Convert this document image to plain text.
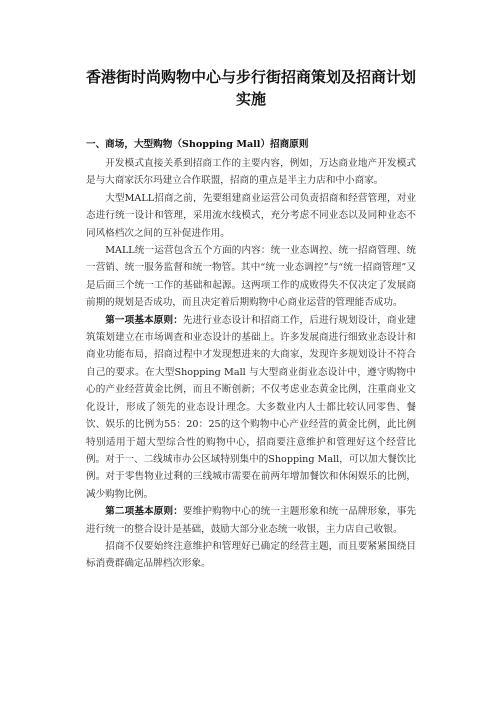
香港街时尚购物中心与步行街招商策划及招商计划实施
一、商场，大型购物（Shopping Mall）招商原则

开发模式直接关系到招商工作的主要内容，例如，万达商业地产开发模式是与大商家沃尔玛建立合作联盟，招商的重点是半主力店和中小商家。

大型MALL招商之前，先要组建商业运营公司负责招商和经营管理，对业态进行统一设计和管理，采用流水线模式，充分考虑不同业态以及同种业态不同风格档次之间的互补促进作用。

MALL统一运营包含五个方面的内容：统一业态调控、统一招商管理、统一营销、统一服务监督和统一物管。其中“统一业态调控”与“统一招商管理”又是后面三个统一工作的基础和起源。这两项工作的成败得失不仅决定了发展商前期的规划是否成功，而且决定着后期购物中心商业运营的管理能否成功。

第一项基本原则：先进行业态设计和招商工作，后进行规划设计，商业建筑策划建立在市场调查和业态设计的基础上。许多发展商进行细致业态设计和商业功能布局，招商过程中才发现想进来的大商家，发现许多规划设计不符合自己的要求。在大型Shopping Mall 与大型商业街业态设计中，遵守购物中心的产业经营黄金比例，而且不断创新；不仅考虑业态黄金比例，注重商业文化设计，形成了领先的业态设计理念。大多数业内人士都比较认同零售、餐饮、娱乐的比例为55：20：25的这个购物中心产业经营的黄金比例，此比例特别适用于超大型综合性的购物中心，招商要注意维护和管理好这个经营比例。对于一、二线城市办公区域特别集中的Shopping Mall，可以加大餐饮比例。对于零售物业过剩的三线城市需要在前两年增加餐饮和休闲娱乐的比例，减少购物比例。

第二项基本原则：要维护购物中心的统一主题形象和统一品牌形象，事先进行统一的整合设计是基础，鼓励大部分业态统一收银，主力店自己收银。

招商不仅要始终注意维护和管理好已确定的经营主题，而且要紧紧围绕目标消费群确定品牌档次形象。
